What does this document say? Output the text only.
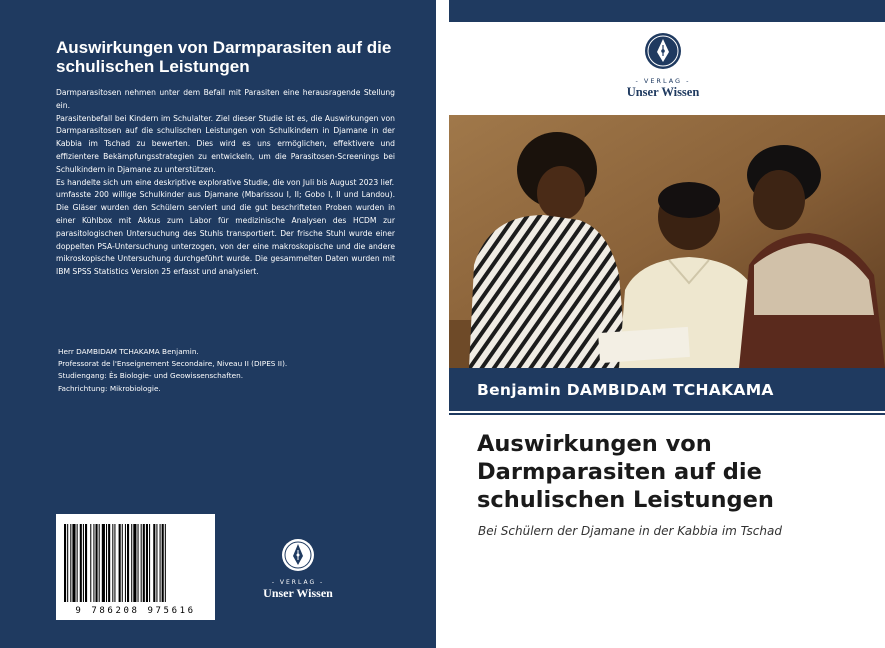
Auswirkungen von Darmparasiten auf die schulischen Leistungen

Darmparasitosen nehmen unter dem Befall mit Parasiten eine herausragende Stellung ein.

Parasitenbefall bei Kindern im Schulalter. Ziel dieser Studie ist es, die Auswirkungen von Darmparasitosen auf die schulischen Leistungen von Schulkindern in Djamane in der Kabbia im Tschad zu bewerten. Dies wird es uns ermöglichen, effektivere und effizientere Bekämpfungsstrategien zu entwickeln, um die Parasitosen-Screenings bei Schulkindern in Djamane zu unterstützen.

Es handelte sich um eine deskriptive explorative Studie, die von Juli bis August 2023 lief.

umfasste 200 willige Schulkinder aus Djamane (Mbarissou I, II; Gobo I, II und Landou). Die Gläser wurden den Schülern serviert und die gut beschrifteten Proben wurden in einer Kühlbox mit Akkus zum Labor für medizinische Analysen des HCDM zur parasitologischen Untersuchung des Stuhls transportiert. Der frische Stuhl wurde einer doppelten PSA-Untersuchung unterzogen, von der eine makroskopische und die andere mikroskopische Untersuchung durchgeführt wurde. Die gesammelten Daten wurden mit IBM SPSS Statistics Version 25 erfasst und analysiert.

Herr DAMBIDAM TCHAKAMA Benjamin.

Professorat de l'Enseignement Secondaire, Niveau II (DIPES II).

Studiengang: Ès Biologie- und Geowissenschaften.

Fachrichtung: Mikrobiologie.

9 786208 975616
- VERLAG -
Unser Wissen
- VERLAG -
Unser Wissen
Benjamin DAMBIDAM TCHAKAMA
Auswirkungen von Darmparasiten auf die schulischen Leistungen
Bei Schülern der Djamane in der Kabbia im Tschad
